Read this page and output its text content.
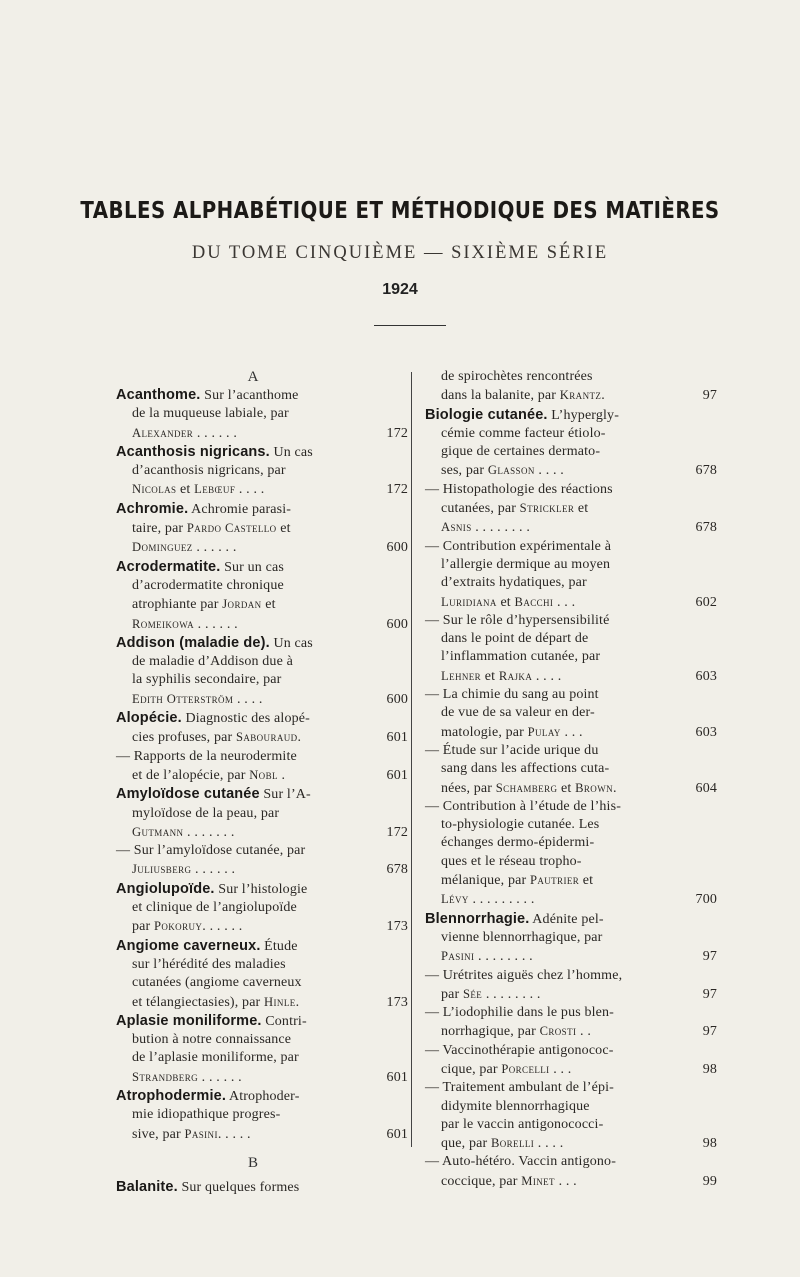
TABLES ALPHABÉTIQUE ET MÉTHODIQUE DES MATIÈRES
DU TOME CINQUIÈME — SIXIÈME SÉRIE
1924
A
Acanthome. Sur l’acanthome
de la muqueuse labiale, par
Alexander . . . . . .	172
Acanthosis nigricans. Un cas
d’acanthosis nigricans, par
Nicolas et Lebœuf . . . .	172
Achromie. Achromie parasi-
taire, par Pardo Castello et
Dominguez . . . . . .	600
Acrodermatite. Sur un cas
d’acrodermatite chronique
atrophiante par Jordan et
Romeikowa . . . . . .	600
Addison (maladie de). Un cas
de maladie d’Addison due à
la syphilis secondaire, par
Edith Otterström . . . .	600
Alopécie. Diagnostic des alopé-
cies profuses, par Sabouraud.	601
— Rapports de la neurodermite
et de l’alopécie, par Nobl .	601
Amyloïdose cutanée Sur l’A-
myloïdose de la peau, par
Gutmann . . . . . . .	172
— Sur l’amyloïdose cutanée, par
Juliusberg . . . . . .	678
Angiolupoïde. Sur l’histologie
et clinique de l’angiolupoïde
par Pokoruy. . . . . .	173
Angiome caverneux. Étude
sur l’hérédité des maladies
cutanées (angiome caverneux
et télangiectasies), par Hinle.	173
Aplasie moniliforme. Contri-
bution à notre connaissance
de l’aplasie moniliforme, par
Strandberg . . . . . .	601
Atrophodermie. Atrophoder-
mie idiopathique progres-
sive, par Pasini. . . . .	601
B
Balanite. Sur quelques formes
de spirochètes rencontrées
dans la balanite, par Krantz.	97
Biologie cutanée. L’hypergly-
cémie comme facteur étiolo-
gique de certaines dermato-
ses, par Glasson . . . .	678
— Histopathologie des réactions
cutanées, par Strickler et
Asnis . . . . . . . .	678
— Contribution expérimentale à
l’allergie dermique au moyen
d’extraits hydatiques, par
Luridiana et Bacchi . . .	602
— Sur le rôle d’hypersensibilité
dans le point de départ de
l’inflammation cutanée, par
Lehner et Rajka . . . .	603
— La chimie du sang au point
de vue de sa valeur en der-
matologie, par Pulay . . .	603
— Étude sur l’acide urique du
sang dans les affections cuta-
nées, par Schamberg et Brown.	604
— Contribution à l’étude de l’his-
to-physiologie cutanée. Les
échanges dermo-épidermi-
ques et le réseau tropho-
mélanique, par Pautrier et
Lévy . . . . . . . . .	700
Blennorrhagie. Adénite pel-
vienne blennorrhagique, par
Pasini . . . . . . . .	97
— Urétrites aiguës chez l’homme,
par Sée . . . . . . . .	97
— L’iodophilie dans le pus blen-
norrhagique, par Crosti . .	97
— Vaccinothérapie antigonococ-
cique, par Porcelli . . .	98
— Traitement ambulant de l’épi-
didymite blennorrhagique
par le vaccin antigonococci-
que, par Borelli . . . .	98
— Auto-hétéro. Vaccin antigono-
coccique, par Minet . . .	99
